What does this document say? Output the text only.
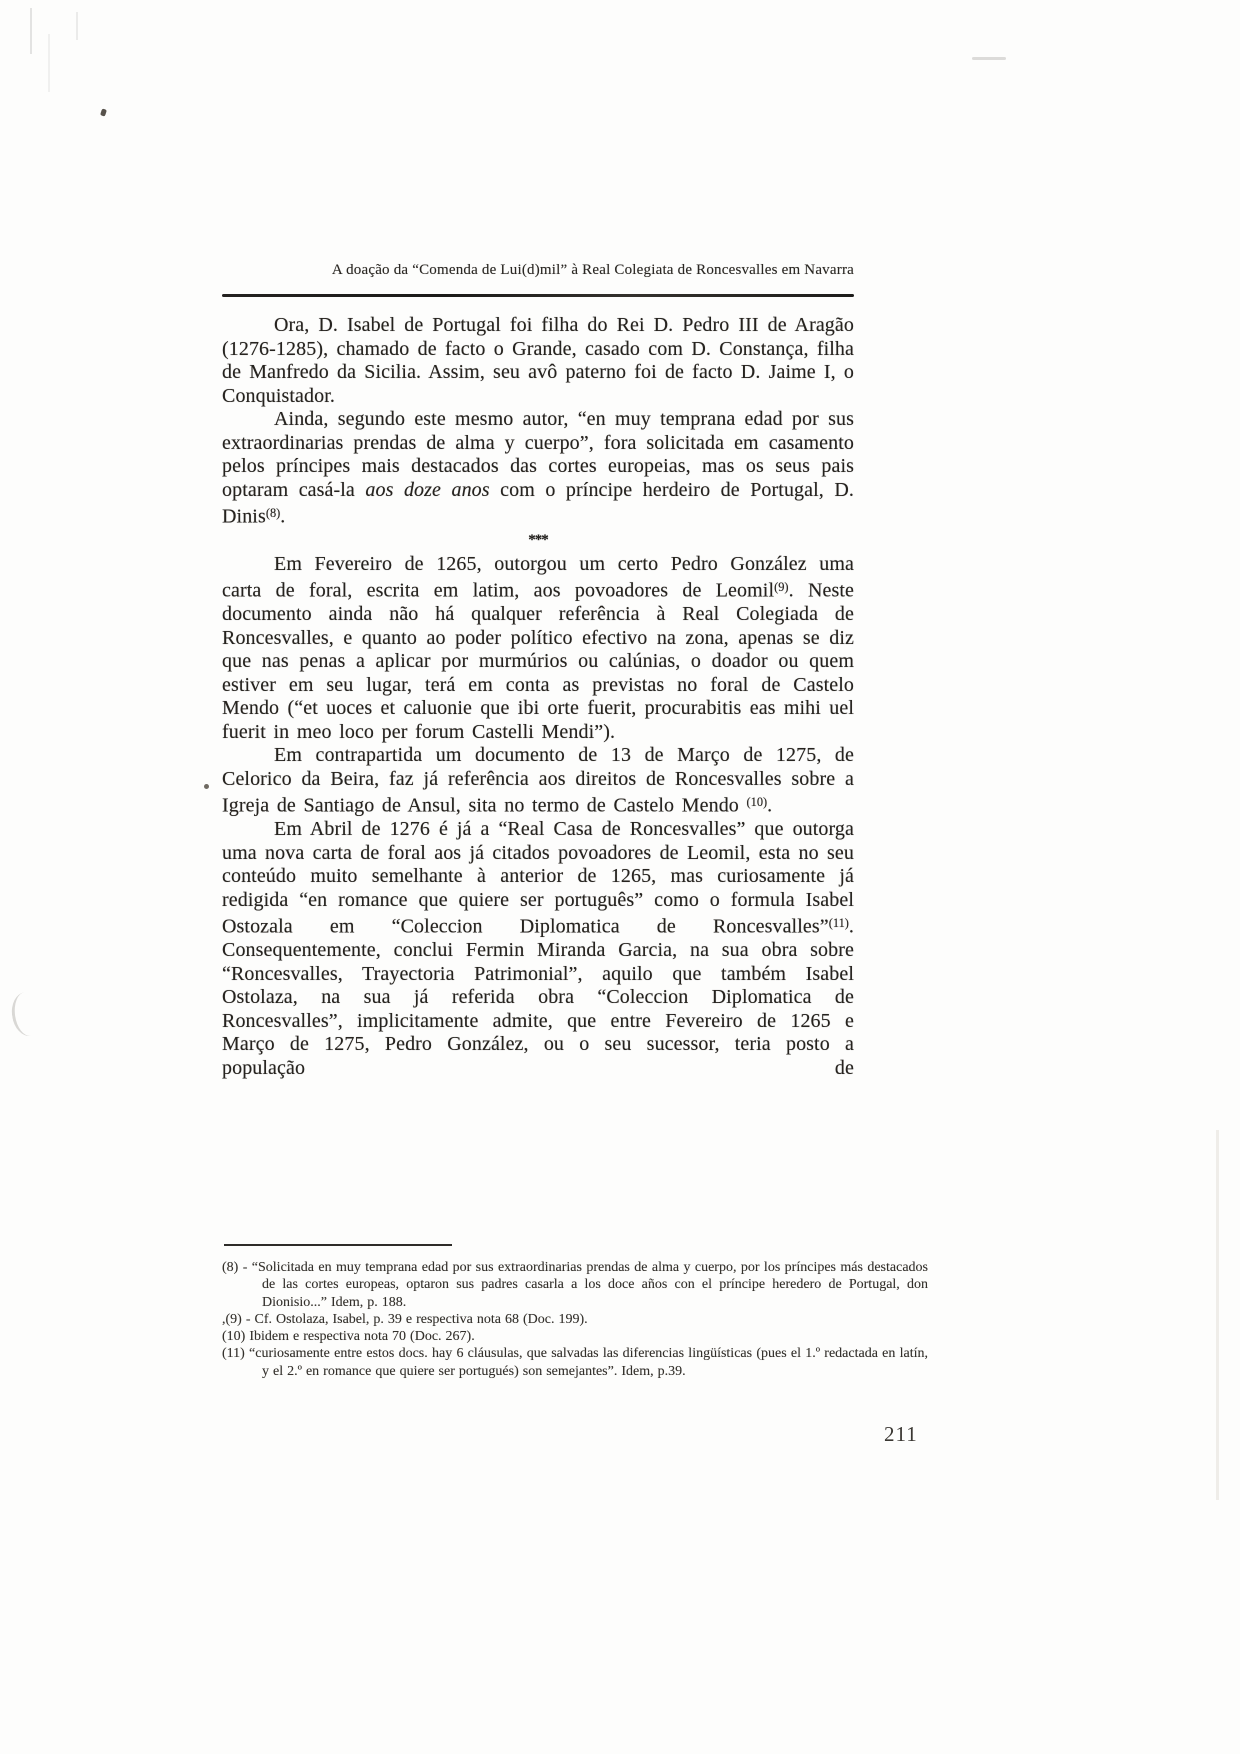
A doação da “Comenda de Lui(d)mil” à Real Colegiata de Roncesvalles em Navarra

Ora, D. Isabel de Portugal foi filha do Rei D. Pedro III de Aragão (1276-1285), chamado de facto o Grande, casado com D. Constança, filha de Manfredo da Sicilia. Assim, seu avô paterno foi de facto D. Jaime I, o Conquistador.

Ainda, segundo este mesmo autor, “en muy temprana edad por sus extraordinarias prendas de alma y cuerpo”, fora solicitada em casamento pelos príncipes mais destacados das cortes europeias, mas os seus pais optaram casá-la aos doze anos com o príncipe herdeiro de Portugal, D. Dinis$^{(8)}$.

***

Em Fevereiro de 1265, outorgou um certo Pedro González uma carta de foral, escrita em latim, aos povoadores de Leomil$^{(9)}$. Neste documento ainda não há qualquer referência à Real Colegiada de Roncesvalles, e quanto ao poder político efectivo na zona, apenas se diz que nas penas a aplicar por murmúrios ou calúnias, o doador ou quem estiver em seu lugar, terá em conta as previstas no foral de Castelo Mendo (“et uoces et caluonie que ibi orte fuerit, procurabitis eas mihi uel fuerit in meo loco per forum Castelli Mendi”).

Em contrapartida um documento de 13 de Março de 1275, de Celorico da Beira, faz já referência aos direitos de Roncesvalles sobre a Igreja de Santiago de Ansul, sita no termo de Castelo Mendo $^{(10)}$.

Em Abril de 1276 é já a “Real Casa de Roncesvalles” que outorga uma nova carta de foral aos já citados povoadores de Leomil, esta no seu conteúdo muito semelhante à anterior de 1265, mas curiosamente já redigida “en romance que quiere ser português” como o formula Isabel Ostozala em “Coleccion Diplomatica de Roncesvalles”$^{(11)}$. Consequentemente, conclui Fermin Miranda Garcia, na sua obra sobre “Roncesvalles, Trayectoria Patrimonial”, aquilo que também Isabel Ostolaza, na sua já referida obra “Coleccion Diplomatica de Roncesvalles”, implicitamente admite, que entre Fevereiro de 1265 e Março de 1275, Pedro González, ou o seu sucessor, teria posto a população de

(8) - “Solicitada en muy temprana edad por sus extraordinarias prendas de alma y cuerpo, por los príncipes más destacados de las cortes europeas, optaron sus padres casarla a los doce años con el príncipe heredero de Portugal, don Dionisio...” Idem, p. 188.
,(9) - Cf. Ostolaza, Isabel, p. 39 e respectiva nota 68 (Doc. 199).
(10) Ibidem e respectiva nota 70 (Doc. 267).
(11) “curiosamente entre estos docs. hay 6 cláusulas, que salvadas las diferencias lingüísticas (pues el 1.º redactada en latín, y el 2.º en romance que quiere ser portugués) son semejantes”. Idem, p.39.
211
